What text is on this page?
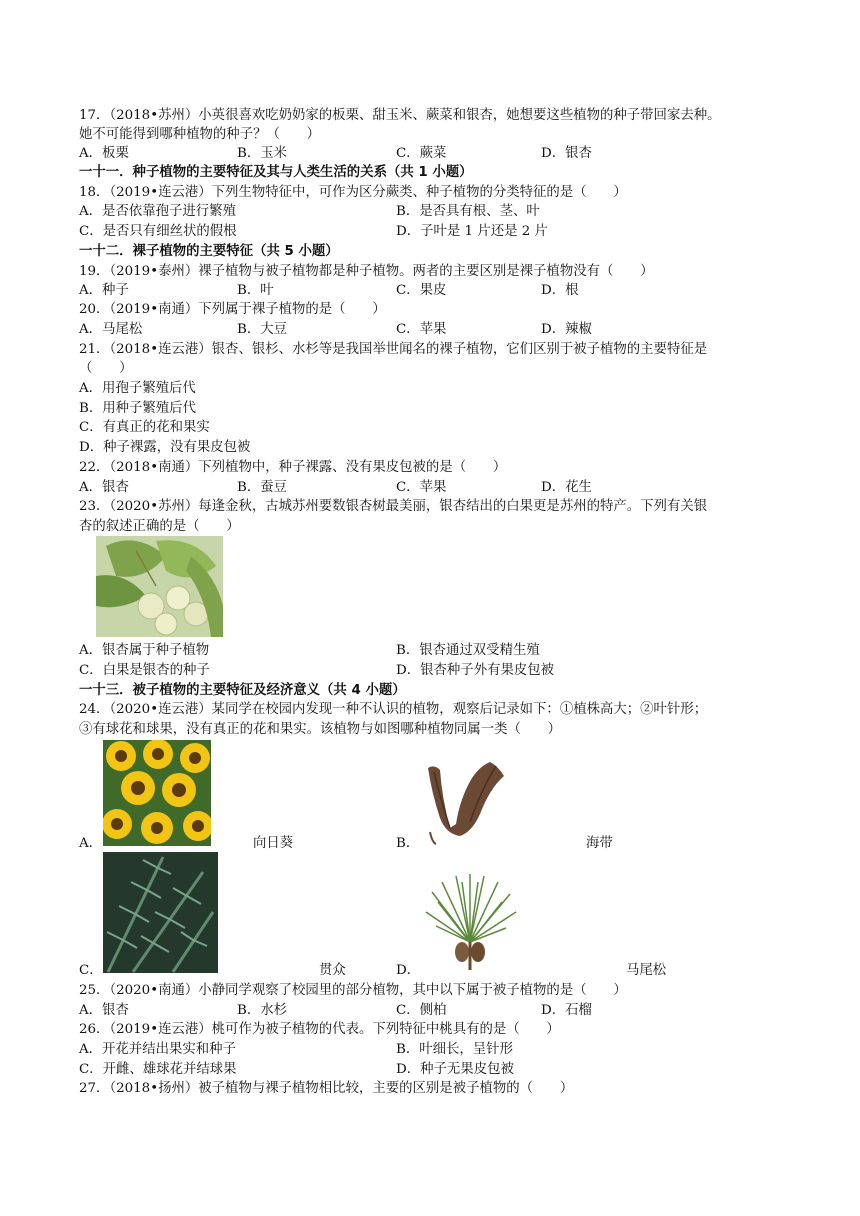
17．（2018•苏州）小英很喜欢吃奶奶家的板栗、甜玉米、蕨菜和银杏，她想要这些植物的种子带回家去种。
她不可能得到哪种植物的种子？（　　）
A．板栗	B．玉米	C．蕨菜	D．银杏
一十一．种子植物的主要特征及其与人类生活的关系（共 1 小题）
18．（2019•连云港）下列生物特征中，可作为区分蕨类、种子植物的分类特征的是（　　）
A．是否依靠孢子进行繁殖	B．是否具有根、茎、叶
C．是否只有细丝状的假根	D．子叶是 1 片还是 2 片
一十二．裸子植物的主要特征（共 5 小题）
19．（2019•泰州）裸子植物与被子植物都是种子植物。两者的主要区别是裸子植物没有（　　）
A．种子	B．叶	C．果皮	D．根
20．（2019•南通）下列属于裸子植物的是（　　）
A．马尾松	B．大豆	C．苹果	D．辣椒
21．（2018•连云港）银杏、银杉、水杉等是我国举世闻名的裸子植物，它们区别于被子植物的主要特征是
（　　）
A．用孢子繁殖后代
B．用种子繁殖后代
C．有真正的花和果实
D．种子裸露，没有果皮包被
22．（2018•南通）下列植物中，种子裸露、没有果皮包被的是（　　）
A．银杏	B．蚕豆	C．苹果	D．花生
23．（2020•苏州）每逢金秋，古城苏州要数银杏树最美丽，银杏结出的白果更是苏州的特产。下列有关银
杏的叙述正确的是（　　）
A．银杏属于种子植物	B．银杏通过双受精生殖
C．白果是银杏的种子	D．银杏种子外有果皮包被
一十三．被子植物的主要特征及经济意义（共 4 小题）
24．（2020•连云港）某同学在校园内发现一种不认识的植物，观察后记录如下：①植株高大；②叶针形；
③有球花和球果，没有真正的花和果实。该植物与如图哪种植物同属一类（　　）
A．	向日葵	B．	海带
C．	贯众	D．	马尾松
25．（2020•南通）小静同学观察了校园里的部分植物，其中以下属于被子植物的是（　　）
A．银杏	B．水杉	C．侧柏	D．石榴
26．（2019•连云港）桃可作为被子植物的代表。下列特征中桃具有的是（　　）
A．开花并结出果实和种子	B．叶细长，呈针形
C．开雌、雄球花并结球果	D．种子无果皮包被
27．（2018•扬州）被子植物与裸子植物相比较，主要的区别是被子植物的（　　）
